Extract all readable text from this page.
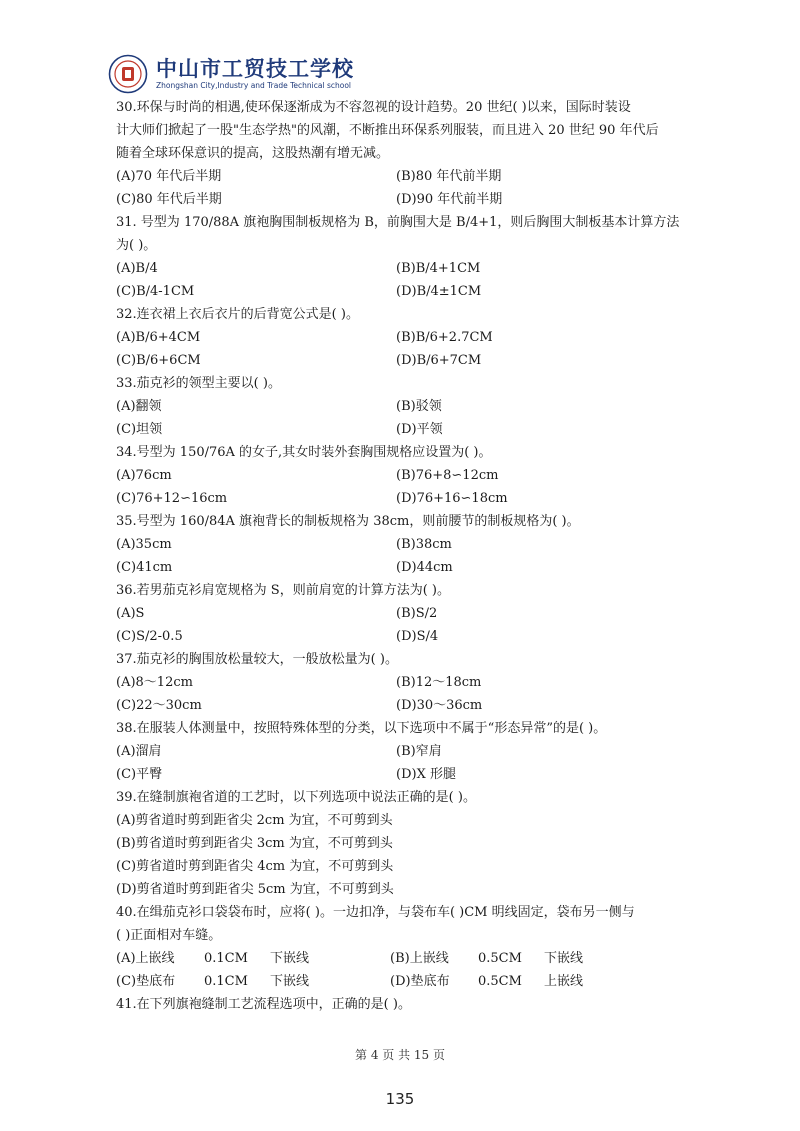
中山市工贸技工学校
Zhongshan City,Industry and Trade Technical school
30.环保与时尚的相遇,使环保逐渐成为不容忽视的设计趋势。20 世纪( )以来，国际时装设
计大师们掀起了一股"生态学热"的风潮，不断推出环保系列服装，而且进入 20 世纪 90 年代后
随着全球环保意识的提高，这股热潮有增无减。
(A)70 年代后半期	(B)80 年代前半期
(C)80 年代后半期	(D)90 年代前半期
31. 号型为 170/88A 旗袍胸围制板规格为 B，前胸围大是 B/4+1，则后胸围大制板基本计算方法
为( )。
(A)B/4	(B)B/4+1CM
(C)B/4-1CM	(D)B/4±1CM
32.连衣裙上衣后衣片的后背宽公式是( )。
(A)B/6+4CM	(B)B/6+2.7CM
(C)B/6+6CM	(D)B/6+7CM
33.茄克衫的领型主要以( )。
(A)翻领	(B)驳领
(C)坦领	(D)平领
34.号型为 150/76A 的女子,其女时装外套胸围规格应设置为( )。
(A)76cm	(B)76+8∽12cm
(C)76+12∽16cm	(D)76+16∽18cm
35.号型为 160/84A 旗袍背长的制板规格为 38cm，则前腰节的制板规格为( )。
(A)35cm	(B)38cm
(C)41cm	(D)44cm
36.若男茄克衫肩宽规格为 S，则前肩宽的计算方法为( )。
(A)S	(B)S/2
(C)S/2-0.5	(D)S/4
37.茄克衫的胸围放松量较大，一般放松量为( )。
(A)8～12cm	(B)12～18cm
(C)22～30cm	(D)30～36cm
38.在服装人体测量中，按照特殊体型的分类，以下选项中不属于“形态异常”的是( )。
(A)溜肩	(B)窄肩
(C)平臀	(D)X 形腿
39.在缝制旗袍省道的工艺时，以下列选项中说法正确的是( )。
(A)剪省道时剪到距省尖 2cm 为宜，不可剪到头
(B)剪省道时剪到距省尖 3cm 为宜，不可剪到头
(C)剪省道时剪到距省尖 4cm 为宜，不可剪到头
(D)剪省道时剪到距省尖 5cm 为宜，不可剪到头
40.在缉茄克衫口袋袋布时，应将( )。一边扣净，与袋布车( )CM 明线固定，袋布另一侧与
( )正面相对车缝。
(A)上嵌线 0.1CM 下嵌线	(B)上嵌线 0.5CM 下嵌线
(C)垫底布 0.1CM 下嵌线	(D)垫底布 0.5CM 上嵌线
41.在下列旗袍缝制工艺流程选项中，正确的是( )。
第 4 页 共 15 页
135
